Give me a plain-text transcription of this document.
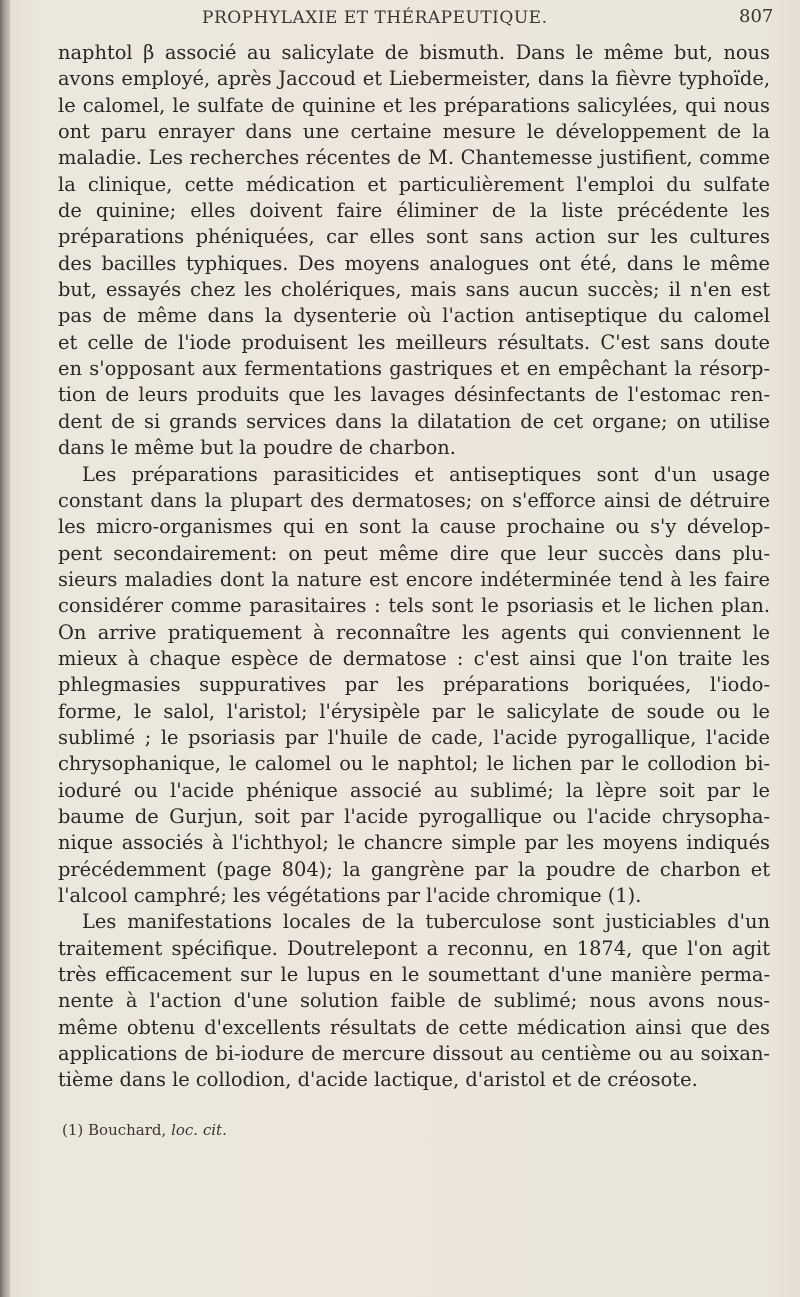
PROPHYLAXIE ET THÉRAPEUTIQUE.	807
naphtol β associé au salicylate de bismuth. Dans le même but, nous
avons employé, après Jaccoud et Liebermeister, dans la fièvre typhoïde,
le calomel, le sulfate de quinine et les préparations salicylées, qui nous
ont paru enrayer dans une certaine mesure le développement de la
maladie. Les recherches récentes de M. Chantemesse justifient, comme
la clinique, cette médication et particulièrement l'emploi du sulfate
de quinine; elles doivent faire éliminer de la liste précédente les
préparations phéniquées, car elles sont sans action sur les cultures
des bacilles typhiques. Des moyens analogues ont été, dans le même
but, essayés chez les cholériques, mais sans aucun succès; il n'en est
pas de même dans la dysenterie où l'action antiseptique du calomel
et celle de l'iode produisent les meilleurs résultats. C'est sans doute
en s'opposant aux fermentations gastriques et en empêchant la résorp-
tion de leurs produits que les lavages désinfectants de l'estomac ren-
dent de si grands services dans la dilatation de cet organe; on utilise
dans le même but la poudre de charbon.
Les préparations parasiticides et antiseptiques sont d'un usage
constant dans la plupart des dermatoses; on s'efforce ainsi de détruire
les micro-organismes qui en sont la cause prochaine ou s'y dévelop-
pent secondairement: on peut même dire que leur succès dans plu-
sieurs maladies dont la nature est encore indéterminée tend à les faire
considérer comme parasitaires : tels sont le psoriasis et le lichen plan.
On arrive pratiquement à reconnaître les agents qui conviennent le
mieux à chaque espèce de dermatose : c'est ainsi que l'on traite les
phlegmasies suppuratives par les préparations boriquées, l'iodo-
forme, le salol, l'aristol; l'érysipèle par le salicylate de soude ou le
sublimé ; le psoriasis par l'huile de cade, l'acide pyrogallique, l'acide
chrysophanique, le calomel ou le naphtol; le lichen par le collodion bi-
ioduré ou l'acide phénique associé au sublimé; la lèpre soit par le
baume de Gurjun, soit par l'acide pyrogallique ou l'acide chrysopha-
nique associés à l'ichthyol; le chancre simple par les moyens indiqués
précédemment (page 804); la gangrène par la poudre de charbon et
l'alcool camphré; les végétations par l'acide chromique (1).
Les manifestations locales de la tuberculose sont justiciables d'un
traitement spécifique. Doutrelepont a reconnu, en 1874, que l'on agit
très efficacement sur le lupus en le soumettant d'une manière perma-
nente à l'action d'une solution faible de sublimé; nous avons nous-
même obtenu d'excellents résultats de cette médication ainsi que des
applications de bi-iodure de mercure dissout au centième ou au soixan-
tième dans le collodion, d'acide lactique, d'aristol et de créosote.
(1) Bouchard, loc. cit.
